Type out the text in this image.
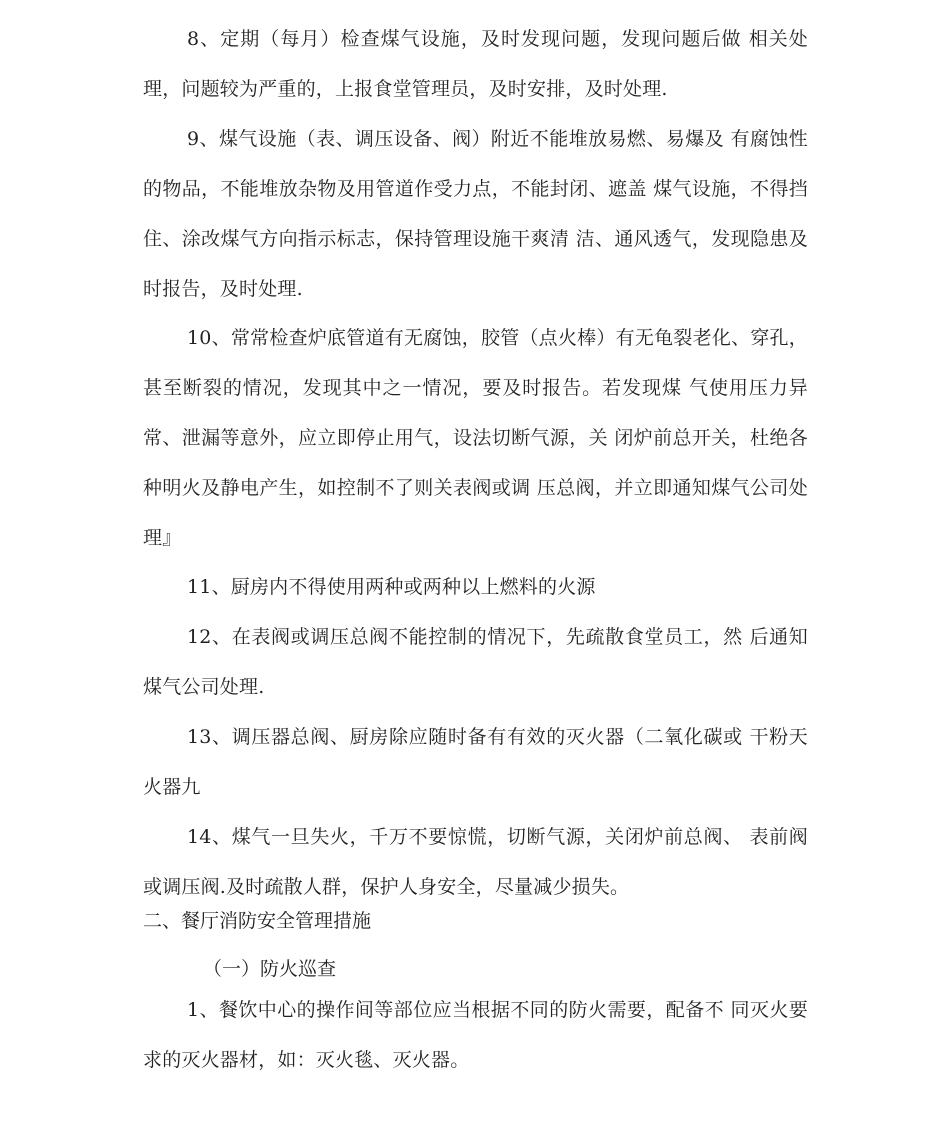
8、定期（每月）检查煤气设施，及时发现问题，发现问题后做 相关处理，问题较为严重的，上报食堂管理员，及时安排，及时处理.

9、煤气设施（表、调压设备、阀）附近不能堆放易燃、易爆及 有腐蚀性的物品，不能堆放杂物及用管道作受力点，不能封闭、遮盖 煤气设施，不得挡住、涂改煤气方向指示标志，保持管理设施干爽清 洁、通风透气，发现隐患及时报告，及时处理.

10、常常检查炉底管道有无腐蚀，胶管（点火棒）有无龟裂老化、穿孔，甚至断裂的情况，发现其中之一情况，要及时报告。若发现煤 气使用压力异常、泄漏等意外，应立即停止用气，设法切断气源，关 闭炉前总开关，杜绝各种明火及静电产生，如控制不了则关表阀或调 压总阀，并立即通知煤气公司处理』

11、厨房内不得使用两种或两种以上燃料的火源

12、在表阀或调压总阀不能控制的情况下，先疏散食堂员工，然 后通知煤气公司处理.

13、调压器总阀、厨房除应随时备有有效的灭火器（二氧化碳或 干粉天火器九

14、煤气一旦失火，千万不要惊慌，切断气源，关闭炉前总阀、 表前阀或调压阀.及时疏散人群，保护人身安全，尽量减少损失。

二、餐厅消防安全管理措施

（一）防火巡查

1、餐饮中心的操作间等部位应当根据不同的防火需要，配备不 同灭火要求的灭火器材，如：灭火毯、灭火器。
